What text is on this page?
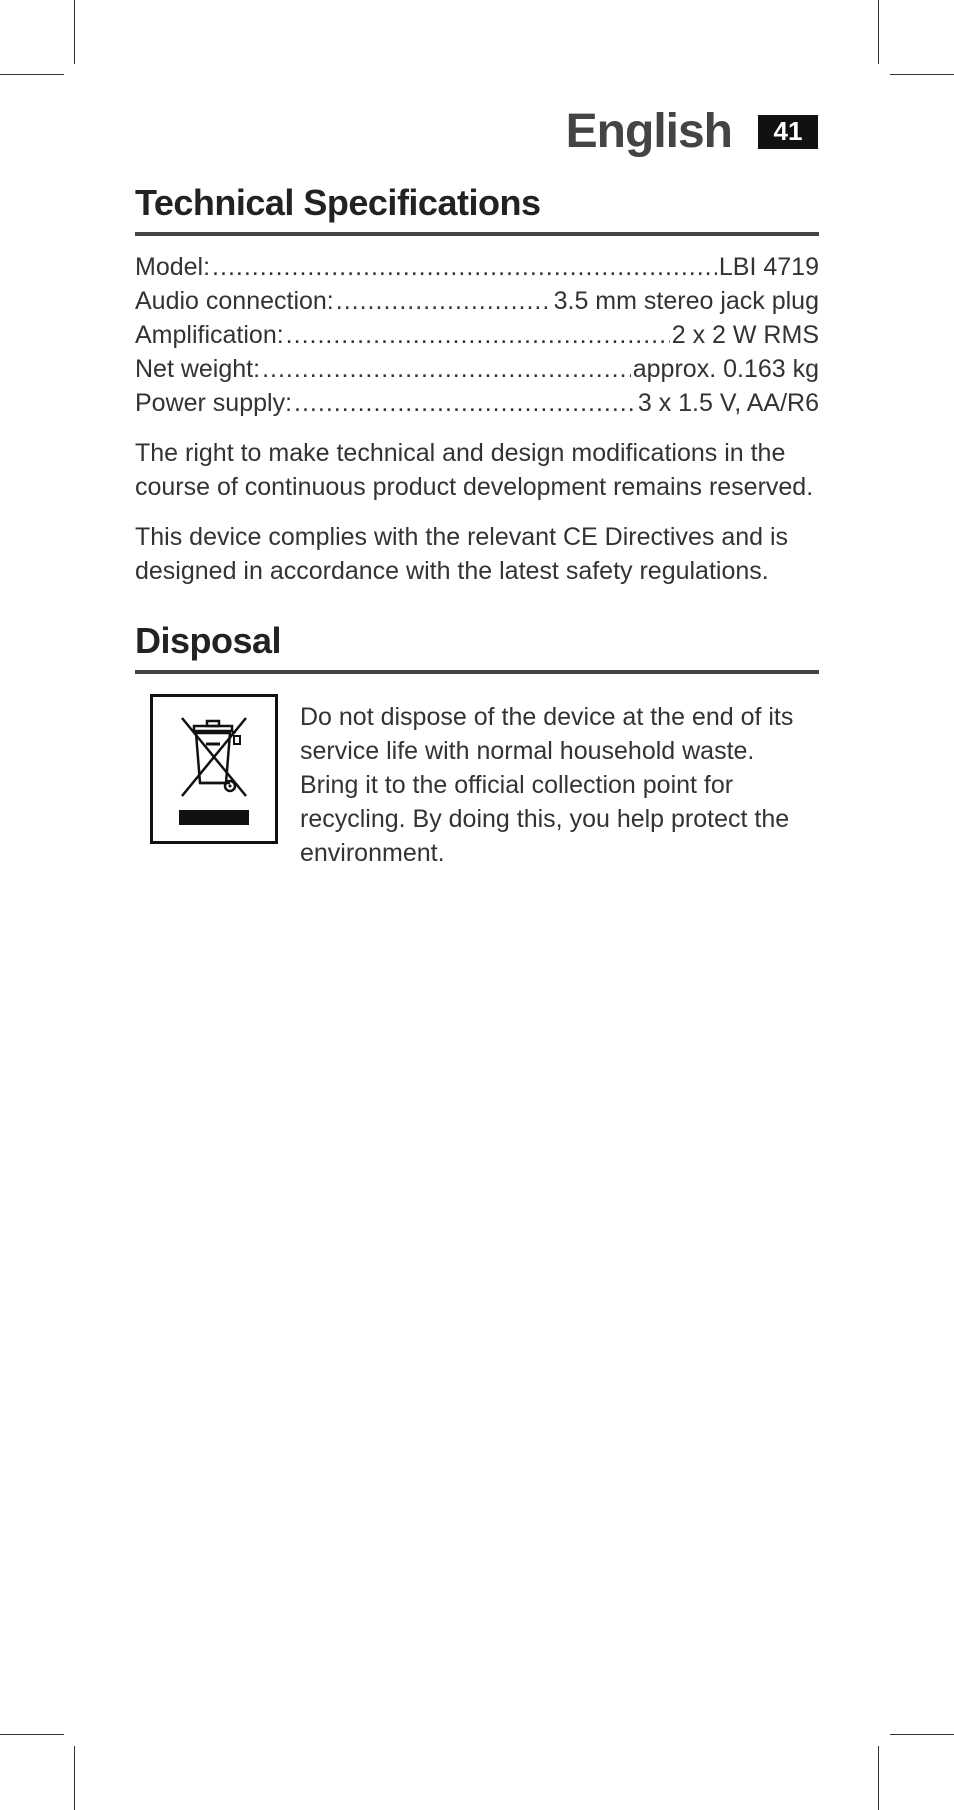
English	41
Technical Specifications
Model: .....	LBI 4719
Audio connection: .....	3.5 mm stereo jack plug
Amplification: .....	2 x 2 W RMS
Net weight: .....	approx. 0.163 kg
Power supply: .....	3 x 1.5 V, AA/R6

The right to make technical and design modifications in the course of continuous product development remains reserved.

This device complies with the relevant CE Directives and is designed in accordance with the latest safety regulations.

Disposal

Do not dispose of the device at the end of its service life with normal household waste. Bring it to the official collection point for recycling. By doing this, you help protect the environment.
